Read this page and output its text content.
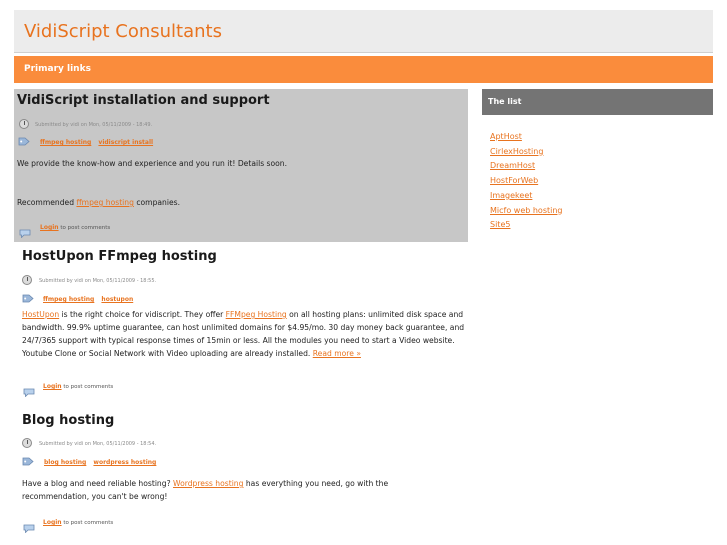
VidiScript Consultants
Primary links
VidiScript installation and support
Submitted by vidi on Mon, 05/11/2009 - 18:49.
ffmpeg hosting vidiscript install
We provide the know-how and experience and you run it! Details soon.
Recommended ffmpeg hosting companies.
Login to post comments
HostUpon FFmpeg hosting
Submitted by vidi on Mon, 05/11/2009 - 18:55.
ffmpeg hosting hostupon
HostUpon is the right choice for vidiscript. They offer FFMpeg Hosting on all hosting plans: unlimited disk space and bandwidth. 99.9% uptime guarantee, can host unlimited domains for $4.95/mo. 30 day money back guarantee, and 24/7/365 support with typical response times of 15min or less. All the modules you need to start a Video website. Youtube Clone or Social Network with Video uploading are already installed. Read more »
Login to post comments
Blog hosting
Submitted by vidi on Mon, 05/11/2009 - 18:54.
blog hosting wordpress hosting
Have a blog and need reliable hosting? Wordpress hosting has everything you need, go with the recommendation, you can't be wrong!
Login to post comments
The list
AptHost
CirlexHosting
DreamHost
HostForWeb
Imagekeet
Micfo web hosting
Site5
